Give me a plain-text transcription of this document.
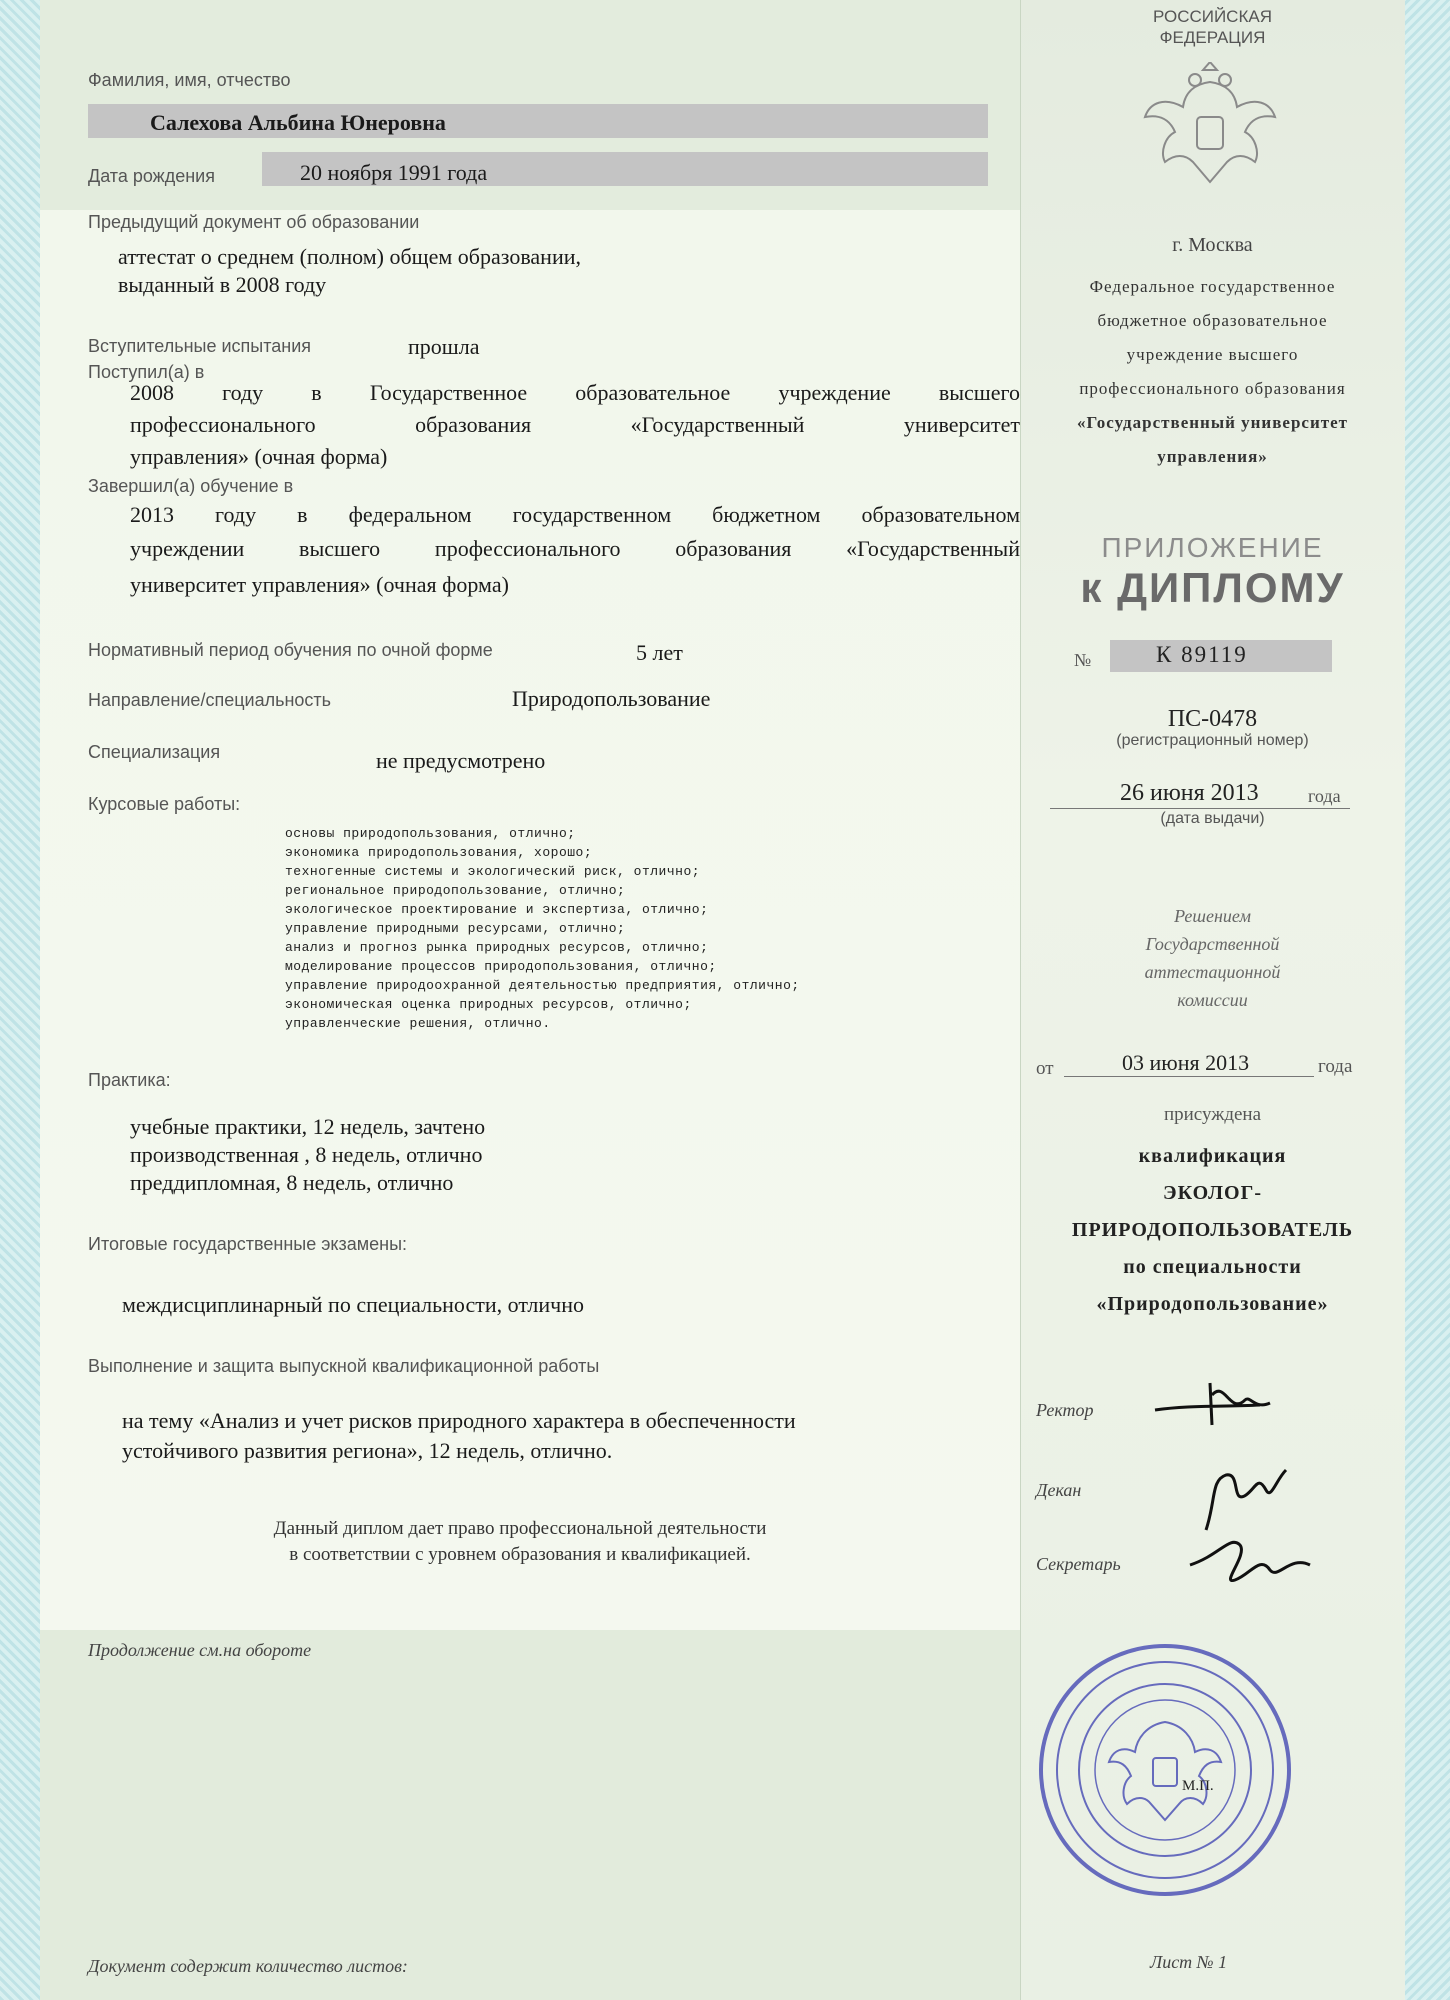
Фамилия, имя, отчество
Салехова Альбина Юнеровна
Дата рождения	20 ноября 1991 года
Предыдущий документ об образовании
аттестат о среднем (полном) общем образовании,
выданный в 2008 году
Вступительные испытания	прошла
Поступил(а) в
2008 году в Государственное образовательное учреждение высшего
профессионального образования «Государственный университет
управления» (очная форма)
Завершил(а) обучение в
2013 году в федеральном государственном бюджетном образовательном
учреждении высшего профессионального образования «Государственный
университет управления» (очная форма)
Нормативный период обучения по очной форме	5 лет
Направление/специальность	Природопользование
Специализация	не предусмотрено
Курсовые работы:
основы природопользования, отлично;
экономика природопользования, хорошо;
техногенные системы и экологический риск, отлично;
региональное природопользование, отлично;
экологическое проектирование и экспертиза, отлично;
управление природными ресурсами, отлично;
анализ и прогноз рынка природных ресурсов, отлично;
моделирование процессов природопользования, отлично;
управление природоохранной деятельностью предприятия, отлично;
экономическая оценка природных ресурсов, отлично;
управленческие решения, отлично.
Практика:
учебные практики, 12 недель, зачтено
производственная , 8 недель, отлично
преддипломная, 8 недель, отлично
Итоговые государственные экзамены:
междисциплинарный по специальности, отлично
Выполнение и защита выпускной квалификационной работы
на тему «Анализ и учет рисков природного характера в обеспеченности
устойчивого развития региона», 12 недель, отлично.
Данный диплом дает право профессиональной деятельности
в соответствии с уровнем образования и квалификацией.
Продолжение см.на обороте
Документ содержит количество листов:	Лист № 1
РОССИЙСКАЯ
ФЕДЕРАЦИЯ
г. Москва
Федеральное государственное
бюджетное образовательное
учреждение высшего
профессионального образования
«Государственный университет
управления»
ПРИЛОЖЕНИЕ
к ДИПЛОМУ
№	К 89119
ПС-0478
(регистрационный номер)
26 июня 2013	года
(дата выдачи)
Решением
Государственной
аттестационной
комиссии
от	03 июня 2013	года
присуждена
квалификация
ЭКОЛОГ-
ПРИРОДОПОЛЬЗОВАТЕЛЬ
по специальности
«Природопользование»
Ректор
Декан
Секретарь
М.П.
